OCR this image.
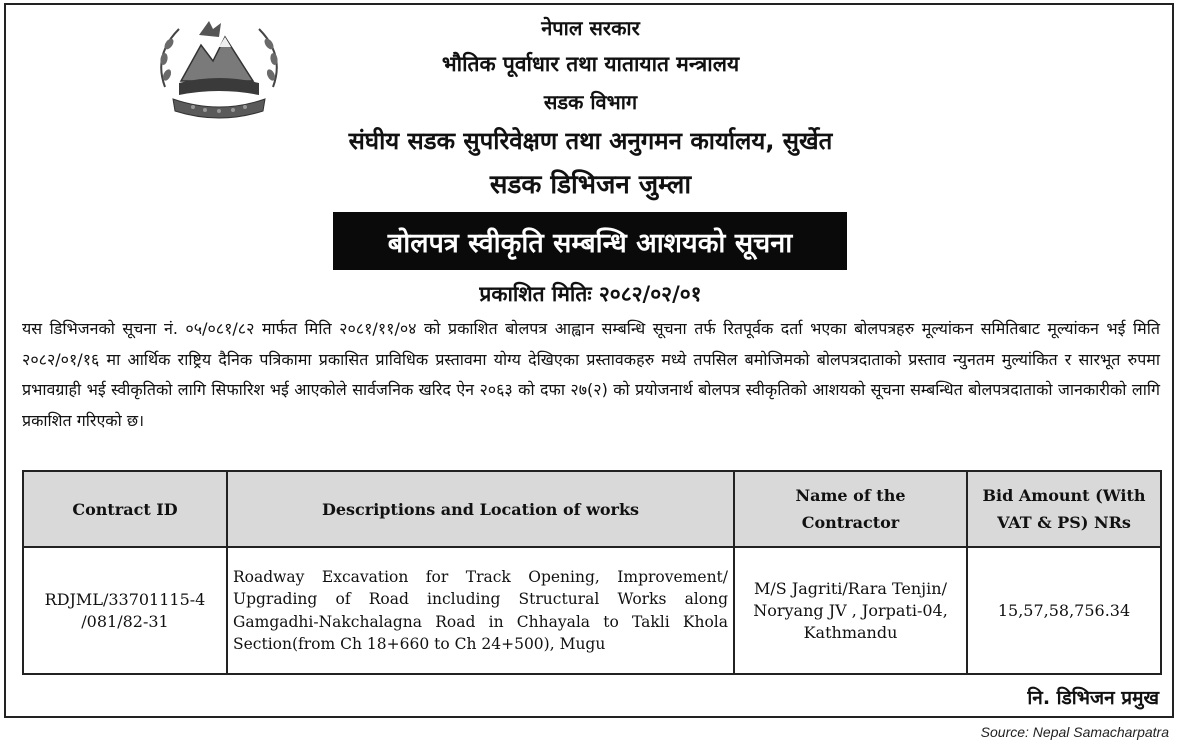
नेपाल सरकार
भौतिक पूर्वाधार तथा यातायात मन्त्रालय
सडक विभाग
संघीय सडक सुपरिवेक्षण तथा अनुगमन कार्यालय, सुर्खेत
सडक डिभिजन जुम्ला
बोलपत्र स्वीकृति सम्बन्धि आशयको सूचना
प्रकाशित मितिः २०८२/०२/०१
यस डिभिजनको सूचना नं. ०५/०८१/८२ मार्फत मिति २०८१/११/०४ को प्रकाशित बोलपत्र आह्वान सम्बन्धि सूचना तर्फ रितपूर्वक दर्ता भएका बोलपत्रहरु मूल्यांकन समितिबाट मूल्यांकन भई मिति २०८२/०१/१६ मा आर्थिक राष्ट्रिय दैनिक पत्रिकामा प्रकासित प्राविधिक प्रस्तावमा योग्य देखिएका प्रस्तावकहरु मध्ये तपसिल बमोजिमको बोलपत्रदाताको प्रस्ताव न्युनतम मुल्यांकित र सारभूत रुपमा प्रभावग्राही भई स्वीकृतिको लागि सिफारिश भई आएकोले सार्वजनिक खरिद ऐन २०६३ को दफा २७(२) को प्रयोजनार्थ बोलपत्र स्वीकृतिको आशयको सूचना सम्बन्धित बोलपत्रदाताको जानकारीको लागि प्रकाशित गरिएको छ।
Contract ID	Descriptions and Location of works	Name of the Contractor	Bid Amount (With VAT & PS) NRs
RDJML/33701115-4 /081/82-31	Roadway Excavation for Track Opening, Improvement/ Upgrading of Road including Structural Works along Gamgadhi-Nakchalagna Road in Chhayala to Takli Khola Section(from Ch 18+660 to Ch 24+500), Mugu	M/S Jagriti/Rara Tenjin/ Noryang JV , Jorpati-04, Kathmandu	15,57,58,756.34
नि. डिभिजन प्रमुख
Source: Nepal Samacharpatra
